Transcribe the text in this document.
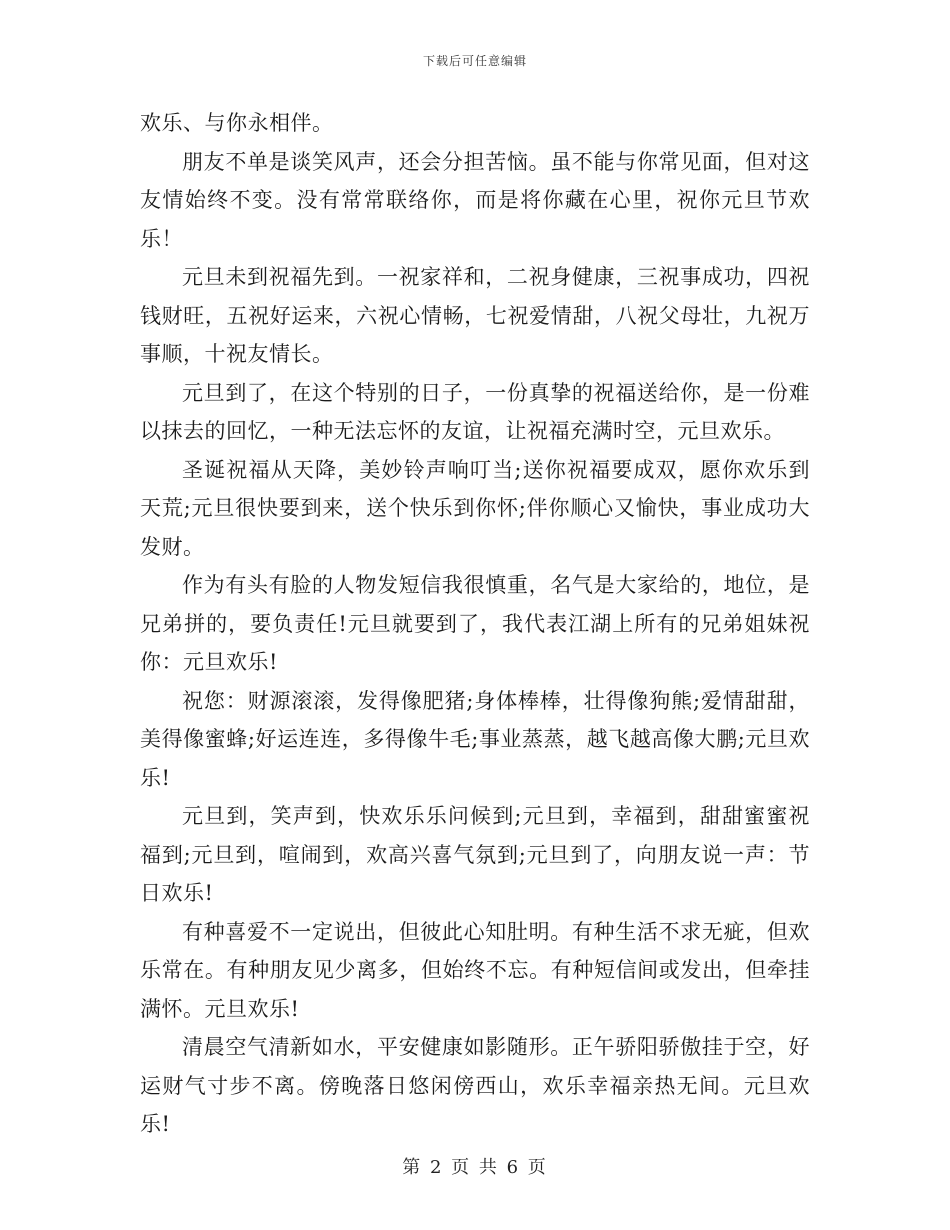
下载后可任意编辑

欢乐、与你永相伴。

朋友不单是谈笑风声，还会分担苦恼。虽不能与你常见面，但对这友情始终不变。没有常常联络你，而是将你藏在心里，祝你元旦节欢乐！

元旦未到祝福先到。一祝家祥和，二祝身健康，三祝事成功，四祝钱财旺，五祝好运来，六祝心情畅，七祝爱情甜，八祝父母壮，九祝万事顺，十祝友情长。

元旦到了，在这个特别的日子，一份真挚的祝福送给你，是一份难以抹去的回忆，一种无法忘怀的友谊，让祝福充满时空，元旦欢乐。

圣诞祝福从天降，美妙铃声响叮当;送你祝福要成双，愿你欢乐到天荒;元旦很快要到来，送个快乐到你怀;伴你顺心又愉快，事业成功大发财。

作为有头有脸的人物发短信我很慎重，名气是大家给的，地位，是兄弟拼的，要负责任!元旦就要到了，我代表江湖上所有的兄弟姐妹祝你：元旦欢乐!

祝您：财源滚滚，发得像肥猪;身体棒棒，壮得像狗熊;爱情甜甜，美得像蜜蜂;好运连连，多得像牛毛;事业蒸蒸，越飞越高像大鹏;元旦欢乐!

元旦到，笑声到，快欢乐乐问候到;元旦到，幸福到，甜甜蜜蜜祝福到;元旦到，喧闹到，欢高兴喜气氛到;元旦到了，向朋友说一声：节日欢乐!

有种喜爱不一定说出，但彼此心知肚明。有种生活不求无疵，但欢乐常在。有种朋友见少离多，但始终不忘。有种短信间或发出，但牵挂满怀。元旦欢乐!

清晨空气清新如水，平安健康如影随形。正午骄阳骄傲挂于空，好运财气寸步不离。傍晚落日悠闲傍西山，欢乐幸福亲热无间。元旦欢乐!

第 2 页 共 6 页
